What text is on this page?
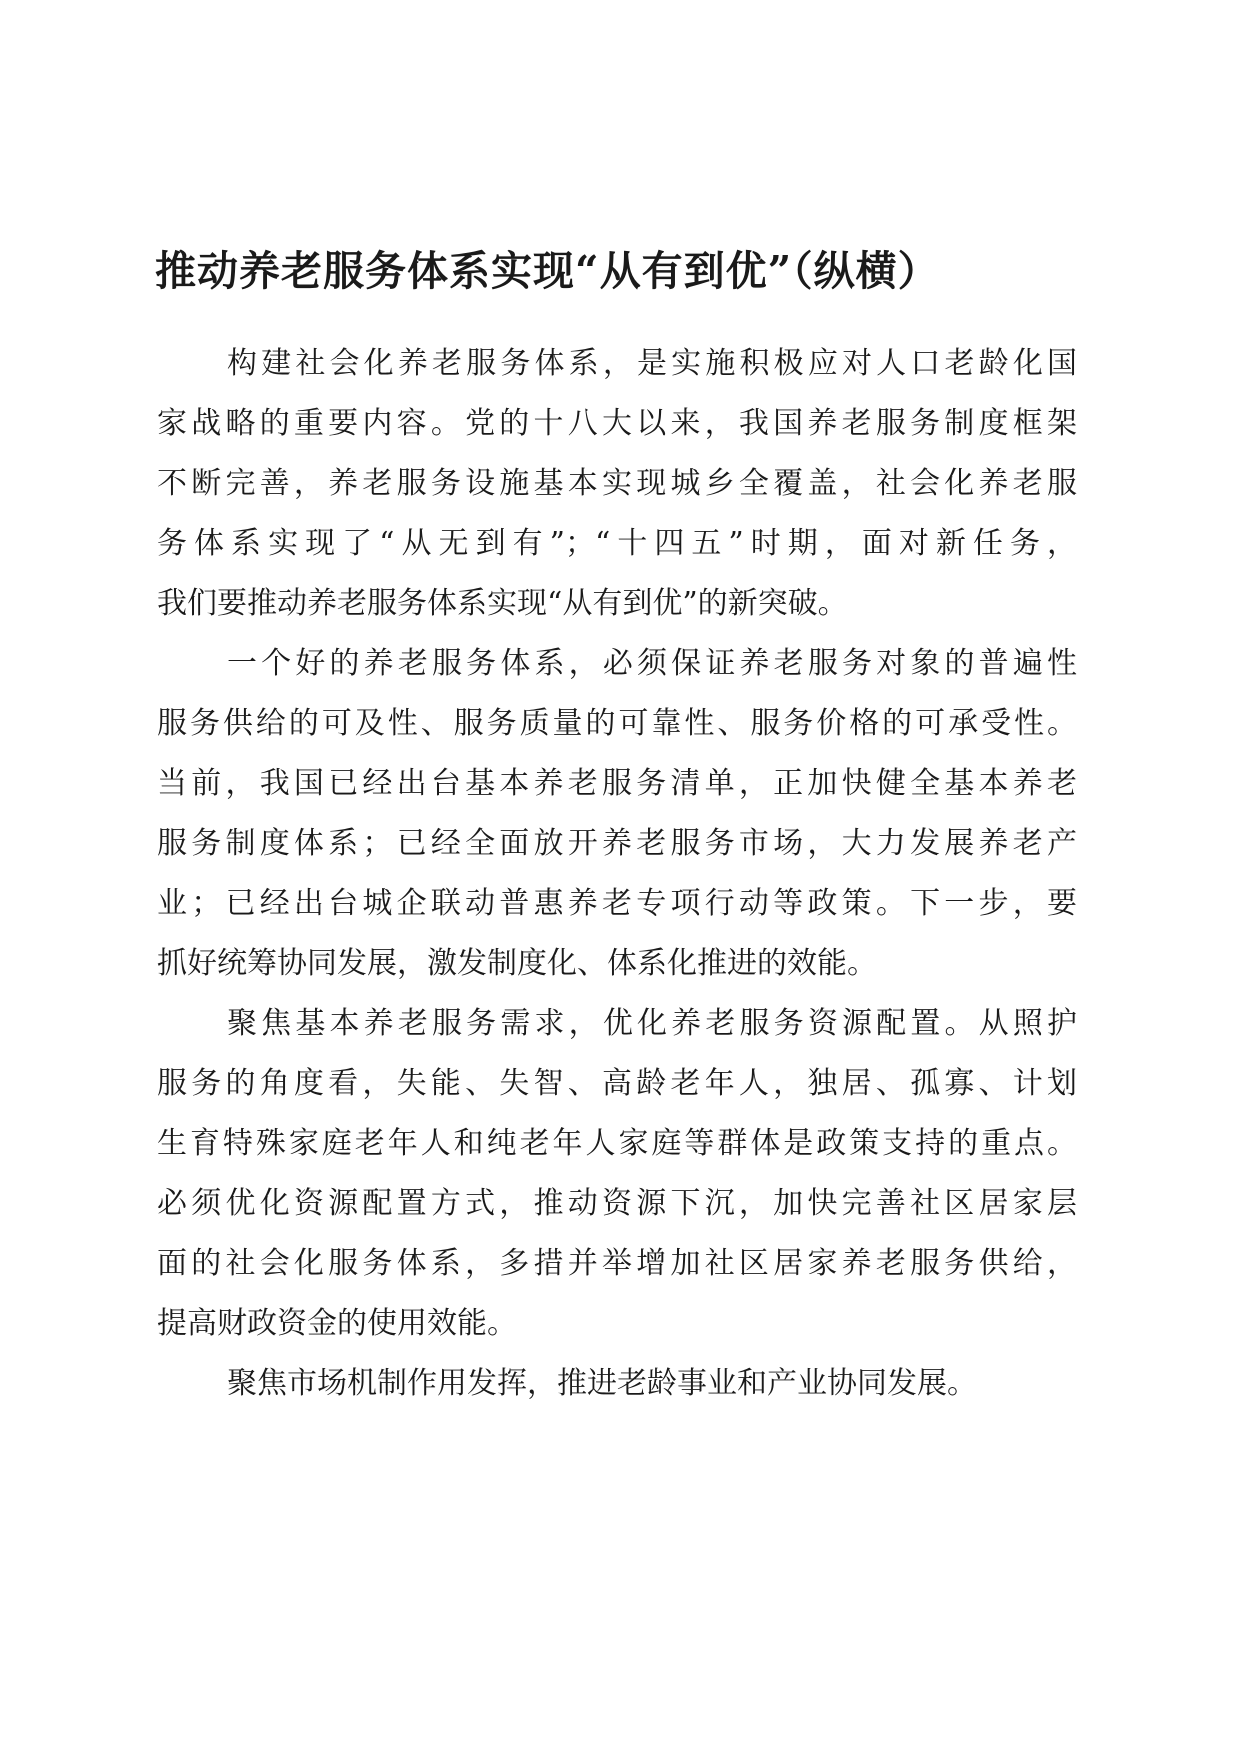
推动养老服务体系实现“从有到优”（纵横）
构建社会化养老服务体系，是实施积极应对人口老龄化国
家战略的重要内容。党的十八大以来，我国养老服务制度框架
不断完善，养老服务设施基本实现城乡全覆盖，社会化养老服
务体系实现了“从无到有”；“十四五”时期，面对新任务，
我们要推动养老服务体系实现“从有到优”的新突破。
一个好的养老服务体系，必须保证养老服务对象的普遍性
服务供给的可及性、服务质量的可靠性、服务价格的可承受性。
当前，我国已经出台基本养老服务清单，正加快健全基本养老
服务制度体系；已经全面放开养老服务市场，大力发展养老产
业；已经出台城企联动普惠养老专项行动等政策。下一步，要
抓好统筹协同发展，激发制度化、体系化推进的效能。
聚焦基本养老服务需求，优化养老服务资源配置。从照护
服务的角度看，失能、失智、高龄老年人，独居、孤寡、计划
生育特殊家庭老年人和纯老年人家庭等群体是政策支持的重点。
必须优化资源配置方式，推动资源下沉，加快完善社区居家层
面的社会化服务体系，多措并举增加社区居家养老服务供给，
提高财政资金的使用效能。
聚焦市场机制作用发挥，推进老龄事业和产业协同发展。
